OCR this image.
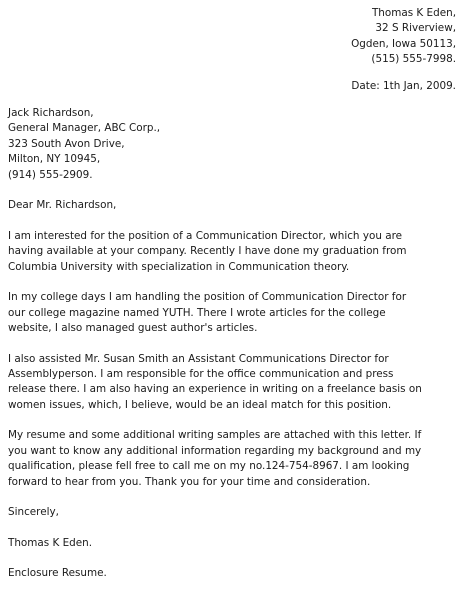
Thomas K Eden,
32 S Riverview,
Ogden, Iowa 50113,
(515) 555-7998.
Date: 1th Jan, 2009.
Jack Richardson,
General Manager, ABC Corp.,
323 South Avon Drive,
Milton, NY 10945,
(914) 555-2909.
Dear Mr. Richardson,
I am interested for the position of a Communication Director, which you are
having available at your company. Recently I have done my graduation from
Columbia University with specialization in Communication theory.
In my college days I am handling the position of Communication Director for
our college magazine named YUTH. There I wrote articles for the college
website, I also managed guest author's articles.
I also assisted Mr. Susan Smith an Assistant Communications Director for
Assemblyperson. I am responsible for the office communication and press
release there. I am also having an experience in writing on a freelance basis on
women issues, which, I believe, would be an ideal match for this position.
My resume and some additional writing samples are attached with this letter. If
you want to know any additional information regarding my background and my
qualification, please fell free to call me on my no.124-754-8967. I am looking
forward to hear from you. Thank you for your time and consideration.
Sincerely,
Thomas K Eden.
Enclosure Resume.
